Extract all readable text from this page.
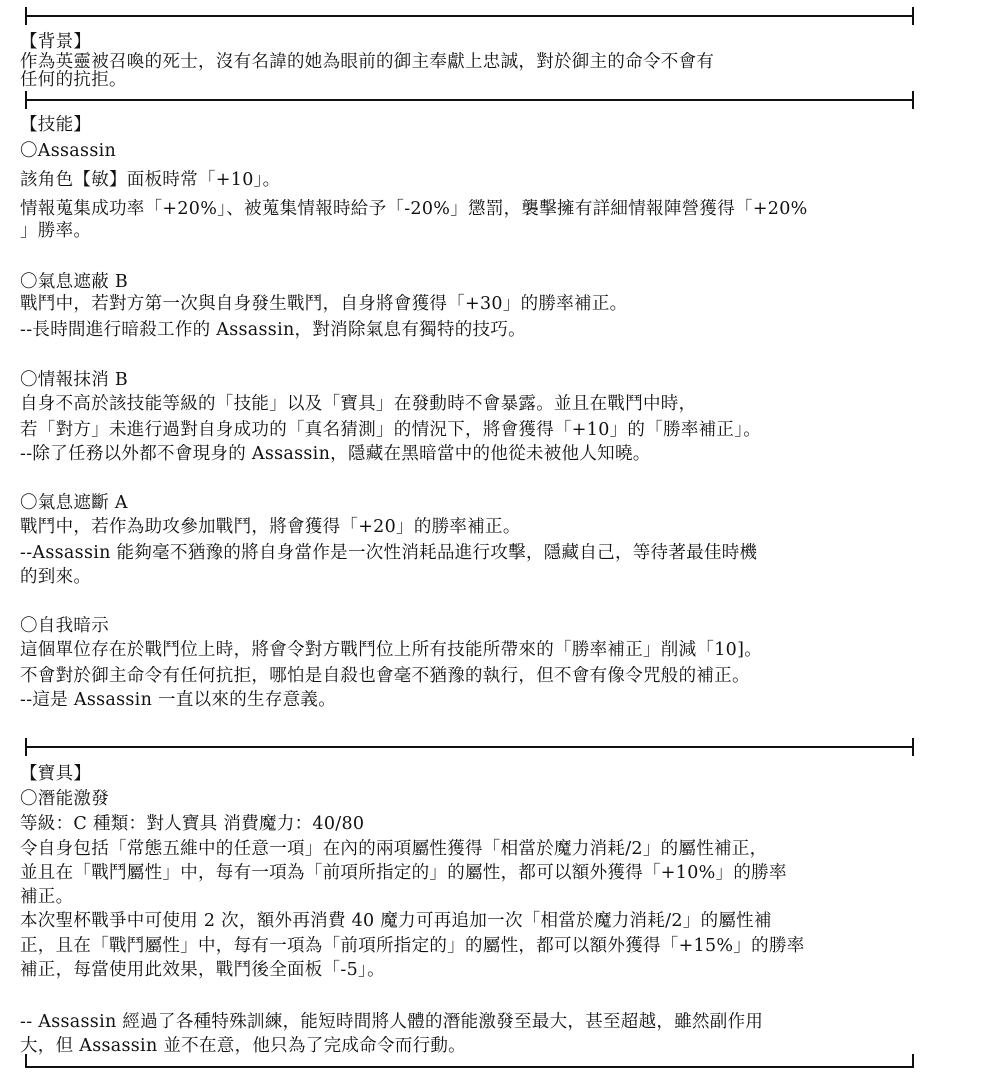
【背景】
作為英靈被召喚的死士，沒有名諱的她為眼前的御主奉獻上忠誠，對於御主的命令不會有
任何的抗拒。
【技能】
〇Assassin
該角色【敏】面板時常「+10」。
情報蒐集成功率「+20%」、被蒐集情報時給予「-20%」懲罰，襲擊擁有詳細情報陣營獲得「+20%
」勝率。
〇氣息遮蔽 B
戰鬥中，若對方第一次與自身發生戰鬥，自身將會獲得「+30」的勝率補正。
--長時間進行暗殺工作的 Assassin，對消除氣息有獨特的技巧。
〇情報抹消 B
自身不高於該技能等級的「技能」以及「寶具」在發動時不會暴露。並且在戰鬥中時，
若「對方」未進行過對自身成功的「真名猜測」的情況下，將會獲得「+10」的「勝率補正」。
--除了任務以外都不會現身的 Assassin，隱藏在黑暗當中的他從未被他人知曉。
〇氣息遮斷 A
戰鬥中，若作為助攻參加戰鬥，將會獲得「+20」的勝率補正。
--Assassin 能夠毫不猶豫的將自身當作是一次性消耗品進行攻擊，隱藏自己，等待著最佳時機
的到來。
〇自我暗示
這個單位存在於戰鬥位上時，將會令對方戰鬥位上所有技能所帶來的「勝率補正」削減「10]。
不會對於御主命令有任何抗拒，哪怕是自殺也會毫不猶豫的執行，但不會有像令咒般的補正。
--這是 Assassin 一直以來的生存意義。
【寶具】
〇潛能激發
等級：C 種類：對人寶具 消費魔力：40/80
令自身包括「常態五維中的任意一項」在內的兩項屬性獲得「相當於魔力消耗/2」的屬性補正，
並且在「戰鬥屬性」中，每有一項為「前項所指定的」的屬性，都可以額外獲得「+10%」的勝率
補正。
本次聖杯戰爭中可使用 2 次，額外再消費 40 魔力可再追加一次「相當於魔力消耗/2」的屬性補
正，且在「戰鬥屬性」中，每有一項為「前項所指定的」的屬性，都可以額外獲得「+15%」的勝率
補正，每當使用此效果，戰鬥後全面板「-5」。
-- Assassin 經過了各種特殊訓練，能短時間將人體的潛能激發至最大，甚至超越，雖然副作用
大，但 Assassin 並不在意，他只為了完成命令而行動。
